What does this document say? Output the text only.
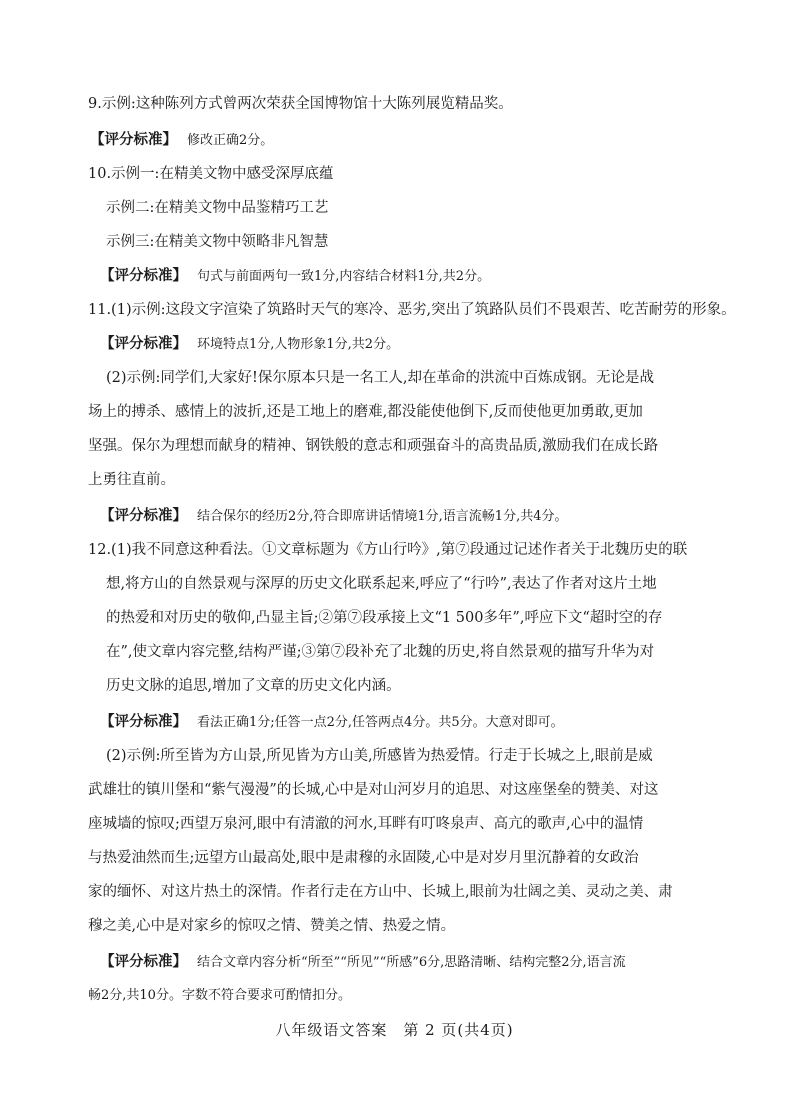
9.示例:这种陈列方式曾两次荣获全国博物馆十大陈列展览精品奖。
【评分标准】 修改正确2分。
10.示例一:在精美文物中感受深厚底蕴
示例二:在精美文物中品鉴精巧工艺
示例三:在精美文物中领略非凡智慧
【评分标准】 句式与前面两句一致1分,内容结合材料1分,共2分。
11.(1)示例:这段文字渲染了筑路时天气的寒冷、恶劣,突出了筑路队员们不畏艰苦、吃苦耐劳的形象。
【评分标准】 环境特点1分,人物形象1分,共2分。
(2)示例:同学们,大家好!保尔原本只是一名工人,却在革命的洪流中百炼成钢。无论是战
场上的搏杀、感情上的波折,还是工地上的磨难,都没能使他倒下,反而使他更加勇敢,更加
坚强。保尔为理想而献身的精神、钢铁般的意志和顽强奋斗的高贵品质,激励我们在成长路
上勇往直前。
【评分标准】 结合保尔的经历2分,符合即席讲话情境1分,语言流畅1分,共4分。
12.(1)我不同意这种看法。①文章标题为《方山行吟》,第⑦段通过记述作者关于北魏历史的联
想,将方山的自然景观与深厚的历史文化联系起来,呼应了“行吟”,表达了作者对这片土地
的热爱和对历史的敬仰,凸显主旨;②第⑦段承接上文“1 500多年”,呼应下文“超时空的存
在”,使文章内容完整,结构严谨;③第⑦段补充了北魏的历史,将自然景观的描写升华为对
历史文脉的追思,增加了文章的历史文化内涵。
【评分标准】 看法正确1分;任答一点2分,任答两点4分。共5分。大意对即可。
(2)示例:所至皆为方山景,所见皆为方山美,所感皆为热爱情。行走于长城之上,眼前是威
武雄壮的镇川堡和“紫气漫漫”的长城,心中是对山河岁月的追思、对这座堡垒的赞美、对这
座城墙的惊叹;西望万泉河,眼中有清澈的河水,耳畔有叮咚泉声、高亢的歌声,心中的温情
与热爱油然而生;远望方山最高处,眼中是肃穆的永固陵,心中是对岁月里沉静着的女政治
家的缅怀、对这片热土的深情。作者行走在方山中、长城上,眼前为壮阔之美、灵动之美、肃
穆之美,心中是对家乡的惊叹之情、赞美之情、热爱之情。
【评分标准】 结合文章内容分析“所至”“所见”“所感”6分,思路清晰、结构完整2分,语言流
畅2分,共10分。字数不符合要求可酌情扣分。
八年级语文答案　第 2 页(共4页)
